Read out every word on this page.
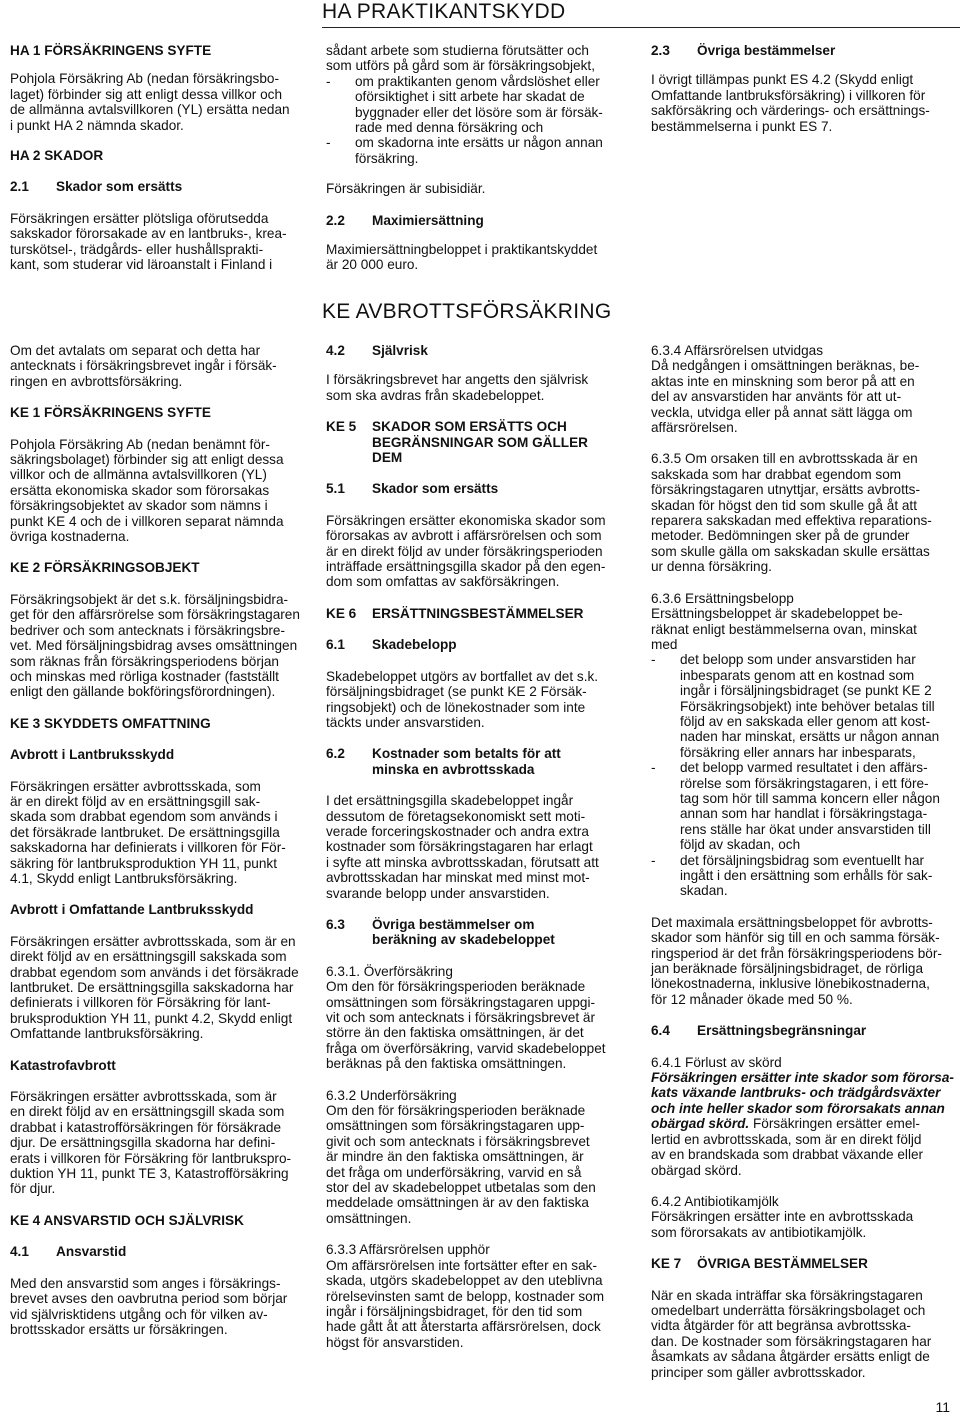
HA PRAKTIKANTSKYDD

HA 1 FÖRSÄKRINGENS SYFTE

Pohjola Försäkring Ab (nedan försäkringsbo-
laget) förbinder sig att enligt dessa villkor och
de allmänna avtalsvillkoren (YL) ersätta nedan
i punkt HA 2 nämnda skador.

HA 2 SKADOR

2.1	Skador som ersätts
Försäkringen ersätter plötsliga oförutsedda
sakskador förorsakade av en lantbruks-, krea-
turskötsel-, trädgårds- eller hushållsprakti-
kant, som studerar vid läroanstalt i Finland i
sådant arbete som studierna förutsätter och
som utförs på gård som är försäkringsobjekt,
-	om praktikanten genom vårdslöshet eller
oförsiktighet i sitt arbete har skadat de
byggnader eller det lösöre som är försäk-
rade med denna försäkring och
-	om skadorna inte ersätts ur någon annan
försäkring.

Försäkringen är subisidiär.

2.2	Maximiersättning
Maximiersättningbeloppet i praktikantskyddet
är 20 000 euro.
2.3	Övriga bestämmelser
I övrigt tillämpas punkt ES 4.2 (Skydd enligt
Omfattande lantbruksförsäkring) i villkoren för
sakförsäkring och värderings- och ersättnings-
bestämmelserna i punkt ES 7.
KE AVBROTTSFÖRSÄKRING
Om det avtalats om separat och detta har
antecknats i försäkringsbrevet ingår i försäk-
ringen en avbrottsförsäkring.

KE 1 FÖRSÄKRINGENS SYFTE

Pohjola Försäkring Ab (nedan benämnt för-
säkringsbolaget) förbinder sig att enligt dessa
villkor och de allmänna avtalsvillkoren (YL)
ersätta ekonomiska skador som förorsakas
försäkringsobjektet av skador som nämns i
punkt KE 4 och de i villkoren separat nämnda
övriga kostnaderna.

KE 2 FÖRSÄKRINGSOBJEKT

Försäkringsobjekt är det s.k. försäljningsbidra-
get för den affärsrörelse som försäkringstagaren
bedriver och som antecknats i försäkringsbre-
vet. Med försäljningsbidrag avses omsättningen
som räknas från försäkringsperiodens början
och minskas med rörliga kostnader (fastställt
enligt den gällande bokföringsförordningen).

KE 3 SKYDDETS OMFATTNING

Avbrott i Lantbruksskydd

Försäkringen ersätter avbrottsskada, som
är en direkt följd av en ersättningsgill sak-
skada som drabbat egendom som används i
det försäkrade lantbruket. De ersättningsgilla
sakskadorna har definierats i villkoren för För-
säkring för lantbruksproduktion YH 11, punkt
4.1, Skydd enligt Lantbruksförsäkring.

Avbrott i Omfattande Lantbruksskydd

Försäkringen ersätter avbrottsskada, som är en
direkt följd av en ersättningsgill sakskada som
drabbat egendom som används i det försäkrade
lantbruket. De ersättningsgilla sakskadorna har
definierats i villkoren för Försäkring för lant-
bruksproduktion YH 11, punkt 4.2, Skydd enligt
Omfattande lantbruksförsäkring.

Katastrofavbrott

Försäkringen ersätter avbrottsskada, som är
en direkt följd av en ersättningsgill skada som
drabbat i katastrofförsäkringen för försäkrade
djur. De ersättningsgilla skadorna har defini-
erats i villkoren för Försäkring för lantbrukspro-
duktion YH 11, punkt TE 3, Katastrofförsäkring
för djur.

KE 4 ANSVARSTID OCH SJÄLVRISK

4.1	Ansvarstid
Med den ansvarstid som anges i försäkrings-
brevet avses den oavbrutna period som börjar
vid självrisktidens utgång och för vilken av-
brottsskador ersätts ur försäkringen.
4.2	Självrisk
I försäkringsbrevet har angetts den självrisk
som ska avdras från skadebeloppet.
KE 5	SKADOR SOM ERSÄTTS OCH
BEGRÄNSNINGAR SOM GÄLLER
DEM
5.1	Skador som ersätts
Försäkringen ersätter ekonomiska skador som
förorsakas av avbrott i affärsrörelsen och som
är en direkt följd av under försäkringsperioden
inträffade ersättningsgilla skador på den egen-
dom som omfattas av sakförsäkringen.
KE 6	ERSÄTTNINGSBESTÄMMELSER
6.1	Skadebelopp
Skadebeloppet utgörs av bortfallet av det s.k.
försäljningsbidraget (se punkt KE 2 Försäk-
ringsobjekt) och de lönekostnader som inte
täckts under ansvarstiden.
6.2	Kostnader som betalts för att
minska en avbrottsskada
I det ersättningsgilla skadebeloppet ingår
dessutom de företagsekonomiskt sett moti-
verade forceringskostnader och andra extra
kostnader som försäkringstagaren har erlagt
i syfte att minska avbrottsskadan, förutsatt att
avbrottsskadan har minskat med minst mot-
svarande belopp under ansvarstiden.
6.3	Övriga bestämmelser om
beräkning av skadebeloppet
6.3.1. Överförsäkring
Om den för försäkringsperioden beräknade
omsättningen som försäkringstagaren uppgi-
vit och som antecknats i försäkringsbrevet är
större än den faktiska omsättningen, är det
fråga om överförsäkring, varvid skadebeloppet
beräknas på den faktiska omsättningen.
6.3.2 Underförsäkring
Om den för försäkringsperioden beräknade
omsättningen som försäkringstagaren upp-
givit och som antecknats i försäkringsbrevet
är mindre än den faktiska omsättningen, är
det fråga om underförsäkring, varvid en så
stor del av skadebeloppet utbetalas som den
meddelade omsättningen är av den faktiska
omsättningen.
6.3.3 Affärsrörelsen upphör
Om affärsrörelsen inte fortsätter efter en sak-
skada, utgörs skadebeloppet av den uteblivna
rörelsevinsten samt de belopp, kostnader som
ingår i försäljningsbidraget, för den tid som
hade gått åt att återstarta affärsrörelsen, dock
högst för ansvarstiden.
6.3.4 Affärsrörelsen utvidgas
Då nedgången i omsättningen beräknas, be-
aktas inte en minskning som beror på att en
del av ansvarstiden har använts för att ut-
veckla, utvidga eller på annat sätt lägga om
affärsrörelsen.
6.3.5 Om orsaken till en avbrottsskada är en
sakskada som har drabbat egendom som
försäkringstagaren utnyttjar, ersätts avbrotts-
skadan för högst den tid som skulle gå åt att
reparera sakskadan med effektiva reparations-
metoder. Bedömningen sker på de grunder
som skulle gälla om sakskadan skulle ersättas
ur denna försäkring.
6.3.6 Ersättningsbelopp
Ersättningsbeloppet är skadebeloppet be-
räknat enligt bestämmelserna ovan, minskat
med
-	det belopp som under ansvarstiden har
inbesparats genom att en kostnad som
ingår i försäljningsbidraget (se punkt KE 2
Försäkringsobjekt) inte behöver betalas till
följd av en sakskada eller genom att kost-
naden har minskat, ersätts ur någon annan
försäkring eller annars har inbesparats,
-	det belopp varmed resultatet i den affärs-
rörelse som försäkringstagaren, i ett före-
tag som hör till samma koncern eller någon
annan som har handlat i försäkringstaga-
rens ställe har ökat under ansvarstiden till
följd av skadan, och
-	det försäljningsbidrag som eventuellt har
ingått i den ersättning som erhålls för sak-
skadan.
Det maximala ersättningsbeloppet för avbrotts-
skador som hänför sig till en och samma försäk-
ringsperiod är det från försäkringsperiodens bör-
jan beräknade försäljningsbidraget, de rörliga
lönekostnaderna, inklusive lönebikostnaderna,
för 12 månader ökade med 50 %.
6.4	Ersättningsbegränsningar
6.4.1 Förlust av skörd
Försäkringen ersätter inte skador som förorsa-
kats växande lantbruks- och trädgårdsväxter
och inte heller skador som förorsakats annan
obärgad skörd. Försäkringen ersätter emel-
lertid en avbrottsskada, som är en direkt följd
av en brandskada som drabbat växande eller
obärgad skörd.
6.4.2 Antibiotikamjölk
Försäkringen ersätter inte en avbrottsskada
som förorsakats av antibiotikamjölk.
KE 7	ÖVRIGA BESTÄMMELSER
När en skada inträffar ska försäkringstagaren
omedelbart underrätta försäkringsbolaget och
vidta åtgärder för att begränsa avbrottsska-
dan. De kostnader som försäkringstagaren har
åsamkats av sådana åtgärder ersätts enligt de
principer som gäller avbrottsskador.
11
